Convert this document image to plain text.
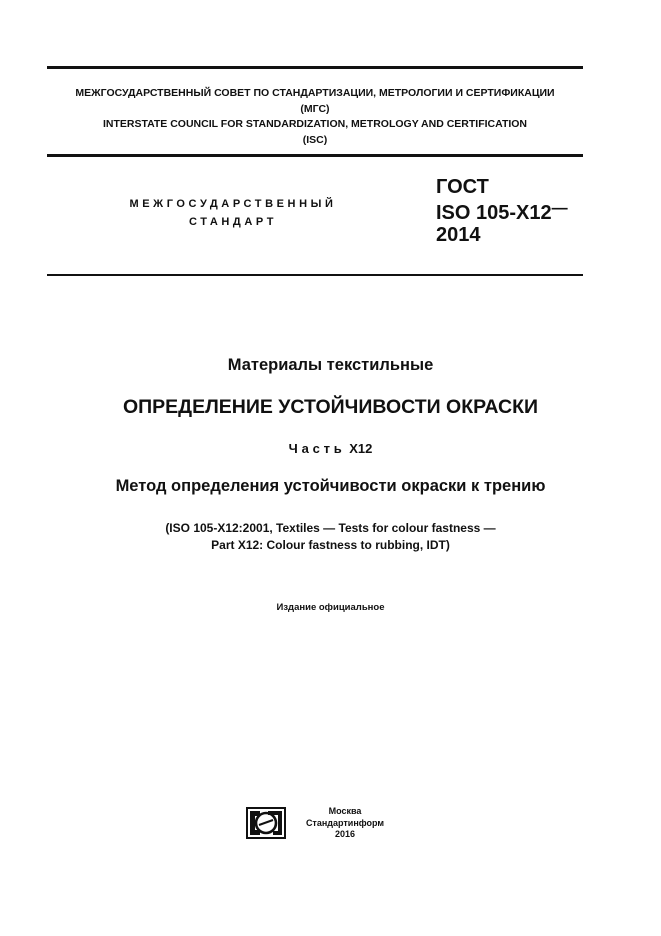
МЕЖГОСУДАРСТВЕННЫЙ СОВЕТ ПО СТАНДАРТИЗАЦИИ, МЕТРОЛОГИИ И СЕРТИФИКАЦИИ
(МГС)
INTERSTATE COUNCIL FOR STANDARDIZATION, METROLOGY AND CERTIFICATION
(ISC)
МЕЖГОСУДАРСТВЕННЫЙ
СТАНДАРТ
ГОСТ
ISO 105-X12—
2014
Материалы текстильные
ОПРЕДЕЛЕНИЕ УСТОЙЧИВОСТИ ОКРАСКИ
Часть X12
Метод определения устойчивости окраски к трению
(ISO 105-X12:2001, Textiles — Tests for colour fastness —
Part X12: Colour fastness to rubbing, IDT)
Издание официальное
Москва
Стандартинформ
2016
